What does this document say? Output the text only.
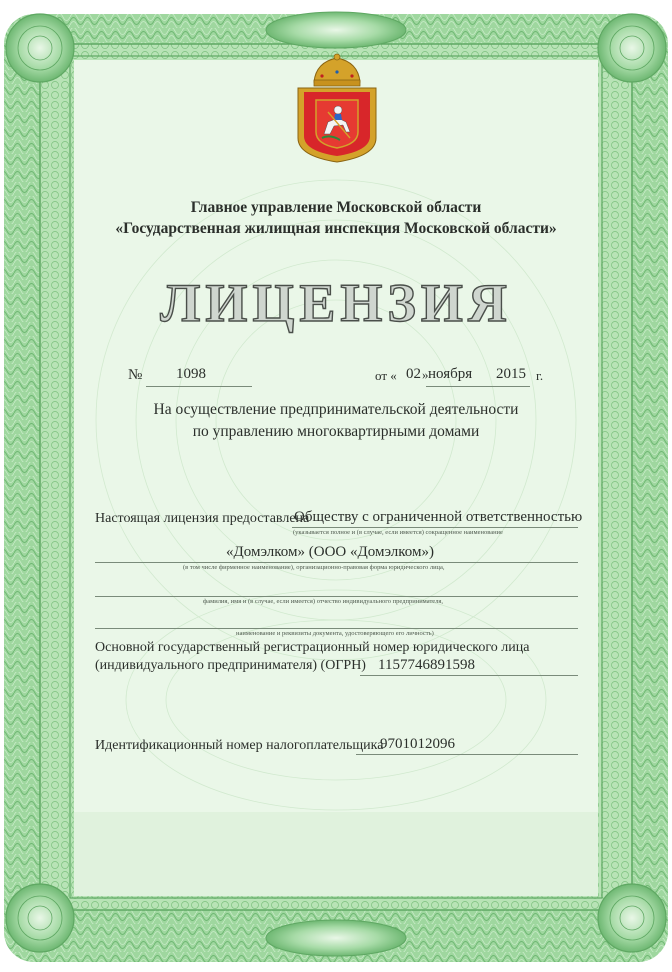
Главное управление Московской области
«Государственная жилищная инспекция Московской области»
ЛИЦЕНЗИЯ
№ 1098	от « 02 » ноября 2015 г.
На осуществление предпринимательской деятельности
по управлению многоквартирными домами
Настоящая лицензия предоставлена
Обществу с ограниченной ответственностью
(указывается полное и (в случае, если имеется) сокращенное наименование
«Домэлком» (ООО «Домэлком»)
(в том числе фирменное наименование), организационно-правовая форма юридического лица,
фамилия, имя и (в случае, если имеется) отчество индивидуального предпринимателя,
наименование и реквизиты документа, удостоверяющего его личность)
Основной государственный регистрационный номер юридического лица
(индивидуального предпринимателя) (ОГРН) 1157746891598
Идентификационный номер налогоплательщика
9701012096
